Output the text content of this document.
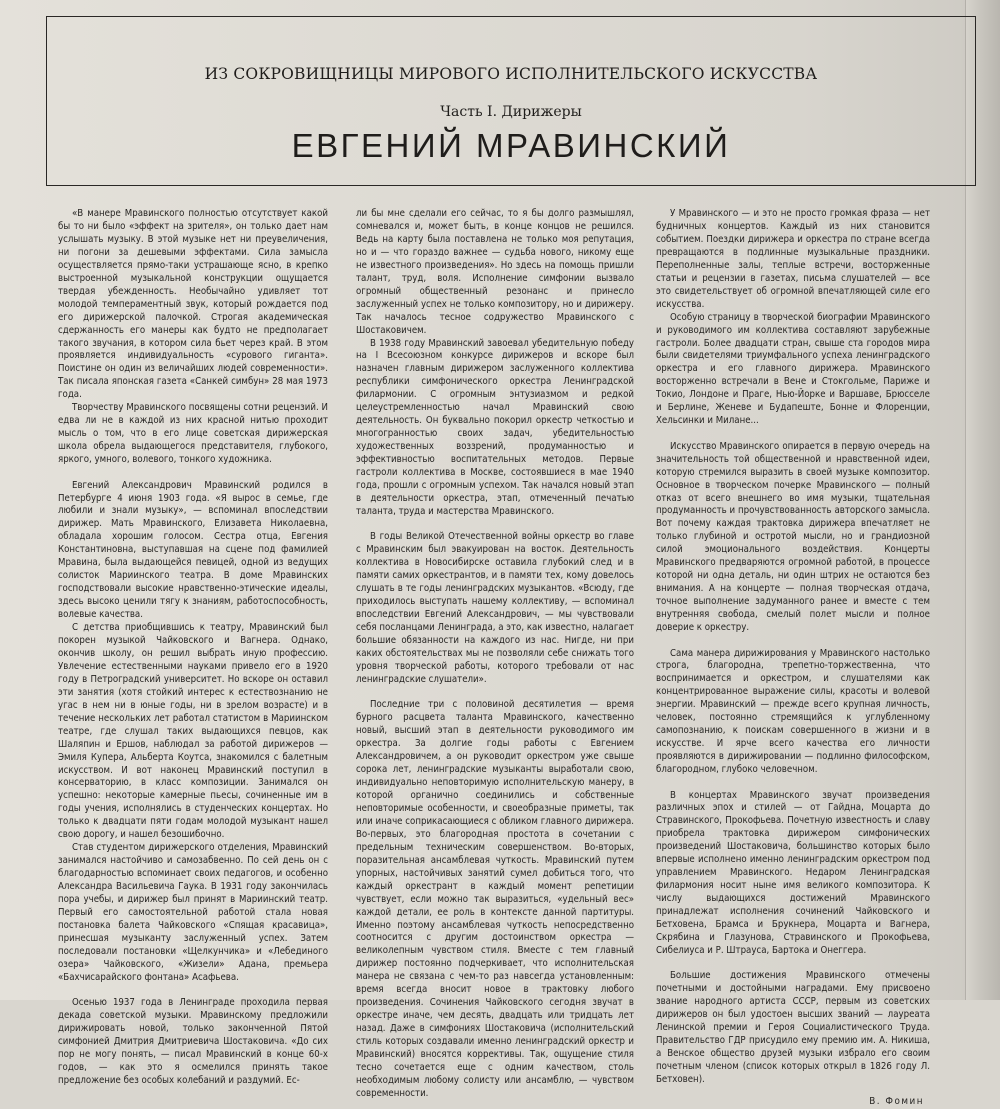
ИЗ СОКРОВИЩНИЦЫ МИРОВОГО ИСПОЛНИТЕЛЬСКОГО ИСКУССТВА
Часть I. Дирижеры
ЕВГЕНИЙ МРАВИНСКИЙ

«В манере Мравинского полностью отсутствует какой бы то ни было «эффект на зрителя», он только дает нам услышать музыку. В этой музыке нет ни преувеличения, ни погони за дешевыми эффектами. Сила замысла осуществляется прямо-таки устрашающе ясно, в крепко выстроенной музыкальной конструкции ощущается твердая убежденность. Необычайно удивляет тот молодой темпераментный звук, который рождается под его дирижерской палочкой. Строгая академическая сдержанность его манеры как будто не предполагает такого звучания, в котором сила бьет через край. В этом проявляется индивидуальность «сурового гиганта». Поистине он один из величайших людей современности». Так писала японская газета «Санкей симбун» 28 мая 1973 года.

Творчеству Мравинского посвящены сотни рецензий. И едва ли не в каждой из них красной нитью проходит мысль о том, что в его лице советская дирижерская школа обрела выдающегося представителя, глубокого, яркого, умного, волевого, тонкого художника.

Евгений Александрович Мравинский родился в Петербурге 4 июня 1903 года. «Я вырос в семье, где любили и знали музыку», — вспоминал впоследствии дирижер. Мать Мравинского, Елизавета Николаевна, обладала хорошим голосом. Сестра отца, Евгения Константиновна, выступавшая на сцене под фамилией Мравина, была выдающейся певицей, одной из ведущих солисток Мариинского театра. В доме Мравинских господствовали высокие нравственно-этические идеалы, здесь высоко ценили тягу к знаниям, работоспособность, волевые качества.

С детства приобщившись к театру, Мравинский был покорен музыкой Чайковского и Вагнера. Однако, окончив школу, он решил выбрать иную профессию. Увлечение естественными науками привело его в 1920 году в Петроградский университет. Но вскоре он оставил эти занятия (хотя стойкий интерес к естествознанию не угас в нем ни в юные годы, ни в зрелом возрасте) и в течение нескольких лет работал статистом в Мариинском театре, где слушал таких выдающихся певцов, как Шаляпин и Ершов, наблюдал за работой дирижеров — Эмиля Купера, Альберта Коутса, знакомился с балетным искусством. И вот наконец Мравинский поступил в консерваторию, в класс композиции. Занимался он успешно: некоторые камерные пьесы, сочиненные им в годы учения, исполнялись в студенческих концертах. Но только к двадцати пяти годам молодой музыкант нашел свою дорогу, и нашел безошибочно.

Став студентом дирижерского отделения, Мравинский занимался настойчиво и самозабвенно. По сей день он с благодарностью вспоминает своих педагогов, и особенно Александра Васильевича Гаука. В 1931 году закончилась пора учебы, и дирижер был принят в Мариинский театр. Первый его самостоятельной работой стала новая постановка балета Чайковского «Спящая красавица», принесшая музыканту заслуженный успех. Затем последовали постановки «Щелкунчика» и «Лебединого озера» Чайковского, «Жизели» Адана, премьера «Бахчисарайского фонтана» Асафьева.

Осенью 1937 года в Ленинграде проходила первая декада советской музыки. Мравинскому предложили дирижировать новой, только законченной Пятой симфонией Дмитрия Дмитриевича Шостаковича. «До сих пор не могу понять, — писал Мравинский в конце 60-х годов, — как это я осмелился принять такое предложение без особых колебаний и раздумий. Ес-

ли бы мне сделали его сейчас, то я бы долго размышлял, сомневался и, может быть, в конце концов не решился. Ведь на карту была поставлена не только моя репутация, но и — что гораздо важнее — судьба нового, никому еще не известного произведения». Но здесь на помощь пришли талант, труд, воля. Исполнение симфонии вызвало огромный общественный резонанс и принесло заслуженный успех не только композитору, но и дирижеру. Так началось тесное содружество Мравинского с Шостаковичем.

В 1938 году Мравинский завоевал убедительную победу на I Всесоюзном конкурсе дирижеров и вскоре был назначен главным дирижером заслуженного коллектива республики симфонического оркестра Ленинградской филармонии. С огромным энтузиазмом и редкой целеустремленностью начал Мравинский свою деятельность. Он буквально покорил оркестр четкостью и многогранностью своих задач, убедительностью художественных воззрений, продуманностью и эффективностью воспитательных методов. Первые гастроли коллектива в Москве, состоявшиеся в мае 1940 года, прошли с огромным успехом. Так начался новый этап в деятельности оркестра, этап, отмеченный печатью таланта, труда и мастерства Мравинского.

В годы Великой Отечественной войны оркестр во главе с Мравинским был эвакуирован на восток. Деятельность коллектива в Новосибирске оставила глубокий след и в памяти самих оркестрантов, и в памяти тех, кому довелось слушать в те годы ленинградских музыкантов. «Всюду, где приходилось выступать нашему коллективу, — вспоминал впоследствии Евгений Александрович, — мы чувствовали себя посланцами Ленинграда, а это, как известно, налагает большие обязанности на каждого из нас. Нигде, ни при каких обстоятельствах мы не позволяли себе снижать того уровня творческой работы, которого требовали от нас ленинградские слушатели».

Последние три с половиной десятилетия — время бурного расцвета таланта Мравинского, качественно новый, высший этап в деятельности руководимого им оркестра. За долгие годы работы с Евгением Александровичем, а он руководит оркестром уже свыше сорока лет, ленинградские музыканты выработали свою, индивидуально неповторимую исполнительскую манеру, в которой органично соединились и собственные неповторимые особенности, и своеобразные приметы, так или иначе соприкасающиеся с обликом главного дирижера. Во-первых, это благородная простота в сочетании с предельным техническим совершенством. Во-вторых, поразительная ансамблевая чуткость. Мравинский путем упорных, настойчивых занятий сумел добиться того, что каждый оркестрант в каждый момент репетиции чувствует, если можно так выразиться, «удельный вес» каждой детали, ее роль в контексте данной партитуры. Именно поэтому ансамблевая чуткость непосредственно соотносится с другим достоинством оркестра — великолепным чувством стиля. Вместе с тем главный дирижер постоянно подчеркивает, что исполнительская манера не связана с чем-то раз навсегда установленным: время всегда вносит новое в трактовку любого произведения. Сочинения Чайковского сегодня звучат в оркестре иначе, чем десять, двадцать или тридцать лет назад. Даже в симфониях Шостаковича (исполнительский стиль которых создавали именно ленинградский оркестр и Мравинский) вносятся коррективы. Так, ощущение стиля тесно сочетается еще с одним качеством, столь необходимым любому солисту или ансамблю, — чувством современности.

У Мравинского — и это не просто громкая фраза — нет будничных концертов. Каждый из них становится событием. Поездки дирижера и оркестра по стране всегда превращаются в подлинные музыкальные праздники. Переполненные залы, теплые встречи, восторженные статьи и рецензии в газетах, письма слушателей — все это свидетельствует об огромной впечатляющей силе его искусства.

Особую страницу в творческой биографии Мравинского и руководимого им коллектива составляют зарубежные гастроли. Более двадцати стран, свыше ста городов мира были свидетелями триумфального успеха ленинградского оркестра и его главного дирижера. Мравинского восторженно встречали в Вене и Стокгольме, Париже и Токио, Лондоне и Праге, Нью-Йорке и Варшаве, Брюсселе и Берлине, Женеве и Будапеште, Бонне и Флоренции, Хельсинки и Милане...

Искусство Мравинского опирается в первую очередь на значительность той общественной и нравственной идеи, которую стремился выразить в своей музыке композитор. Основное в творческом почерке Мравинского — полный отказ от всего внешнего во имя музыки, тщательная продуманность и прочувствованность авторского замысла. Вот почему каждая трактовка дирижера впечатляет не только глубиной и остротой мысли, но и грандиозной силой эмоционального воздействия. Концерты Мравинского предваряются огромной работой, в процессе которой ни одна деталь, ни один штрих не остаются без внимания. А на концерте — полная творческая отдача, точное выполнение задуманного ранее и вместе с тем внутренняя свобода, смелый полет мысли и полное доверие к оркестру.

Сама манера дирижирования у Мравинского настолько строга, благородна, трепетно-торжественна, что воспринимается и оркестром, и слушателями как концентрированное выражение силы, красоты и волевой энергии. Мравинский — прежде всего крупная личность, человек, постоянно стремящийся к углубленному самопознанию, к поискам совершенного в жизни и в искусстве. И ярче всего качества его личности проявляются в дирижировании — подлинно философском, благородном, глубоко человечном.

В концертах Мравинского звучат произведения различных эпох и стилей — от Гайдна, Моцарта до Стравинского, Прокофьева. Почетную известность и славу приобрела трактовка дирижером симфонических произведений Шостаковича, большинство которых было впервые исполнено именно ленинградским оркестром под управлением Мравинского. Недаром Ленинградская филармония носит ныне имя великого композитора. К числу выдающихся достижений Мравинского принадлежат исполнения сочинений Чайковского и Бетховена, Брамса и Брукнера, Моцарта и Вагнера, Скрябина и Глазунова, Стравинского и Прокофьева, Сибелиуса и Р. Штрауса, Бартока и Онеггера.

Большие достижения Мравинского отмечены почетными и достойными наградами. Ему присвоено звание народного артиста СССР, первым из советских дирижеров он был удостоен высших званий — лауреата Ленинской премии и Героя Социалистического Труда. Правительство ГДР присудило ему премию им. А. Никиша, а Венское общество друзей музыки избрало его своим почетным членом (список которых открыл в 1826 году Л. Бетховен).

В. Фомин
